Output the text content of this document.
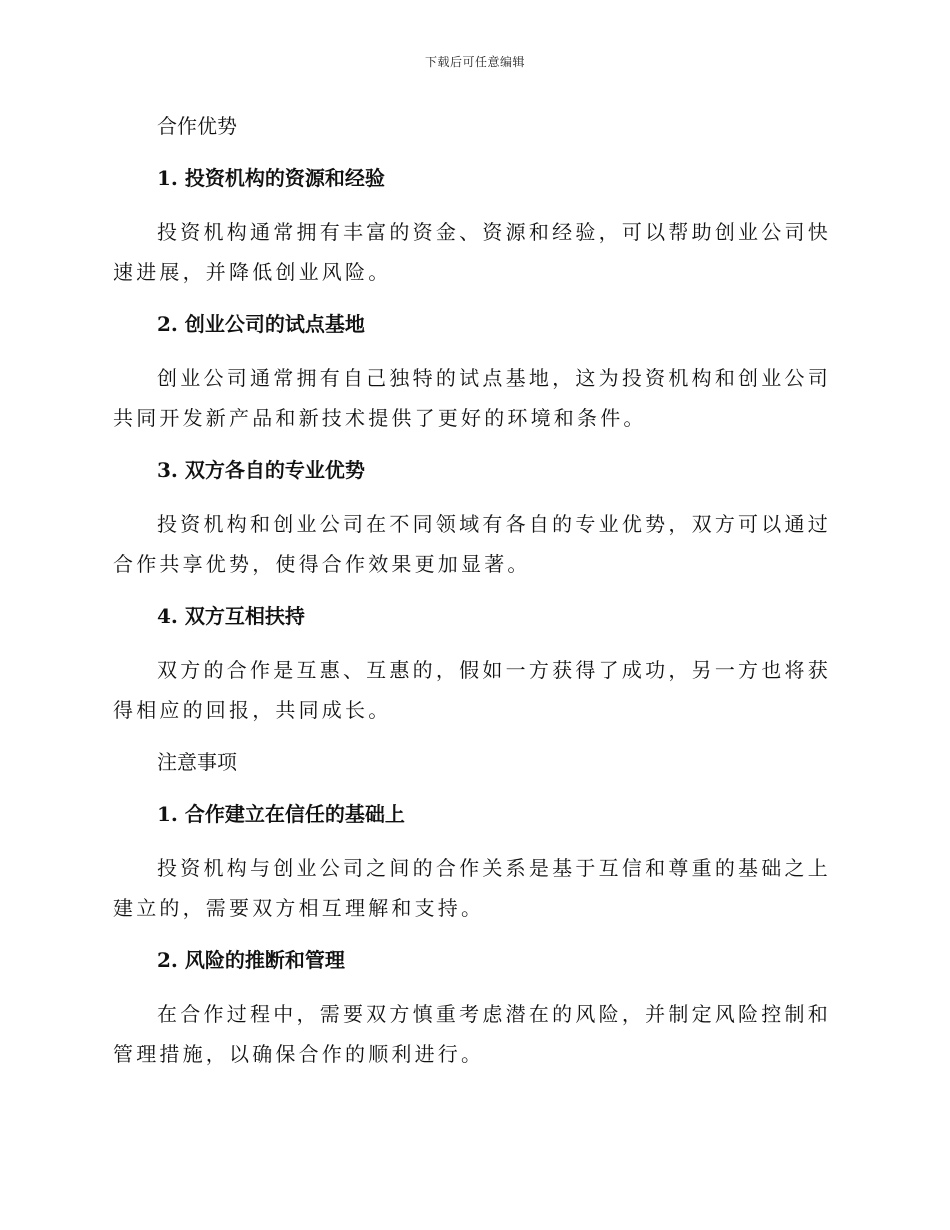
下载后可任意编辑
合作优势
1. 投资机构的资源和经验

投资机构通常拥有丰富的资金、资源和经验，可以帮助创业公司快速进展，并降低创业风险。

2. 创业公司的试点基地

创业公司通常拥有自己独特的试点基地，这为投资机构和创业公司共同开发新产品和新技术提供了更好的环境和条件。

3. 双方各自的专业优势

投资机构和创业公司在不同领域有各自的专业优势，双方可以通过合作共享优势，使得合作效果更加显著。

4. 双方互相扶持

双方的合作是互惠、互惠的，假如一方获得了成功，另一方也将获得相应的回报，共同成长。

注意事项
1. 合作建立在信任的基础上

投资机构与创业公司之间的合作关系是基于互信和尊重的基础之上建立的，需要双方相互理解和支持。

2. 风险的推断和管理

在合作过程中，需要双方慎重考虑潜在的风险，并制定风险控制和管理措施，以确保合作的顺利进行。
